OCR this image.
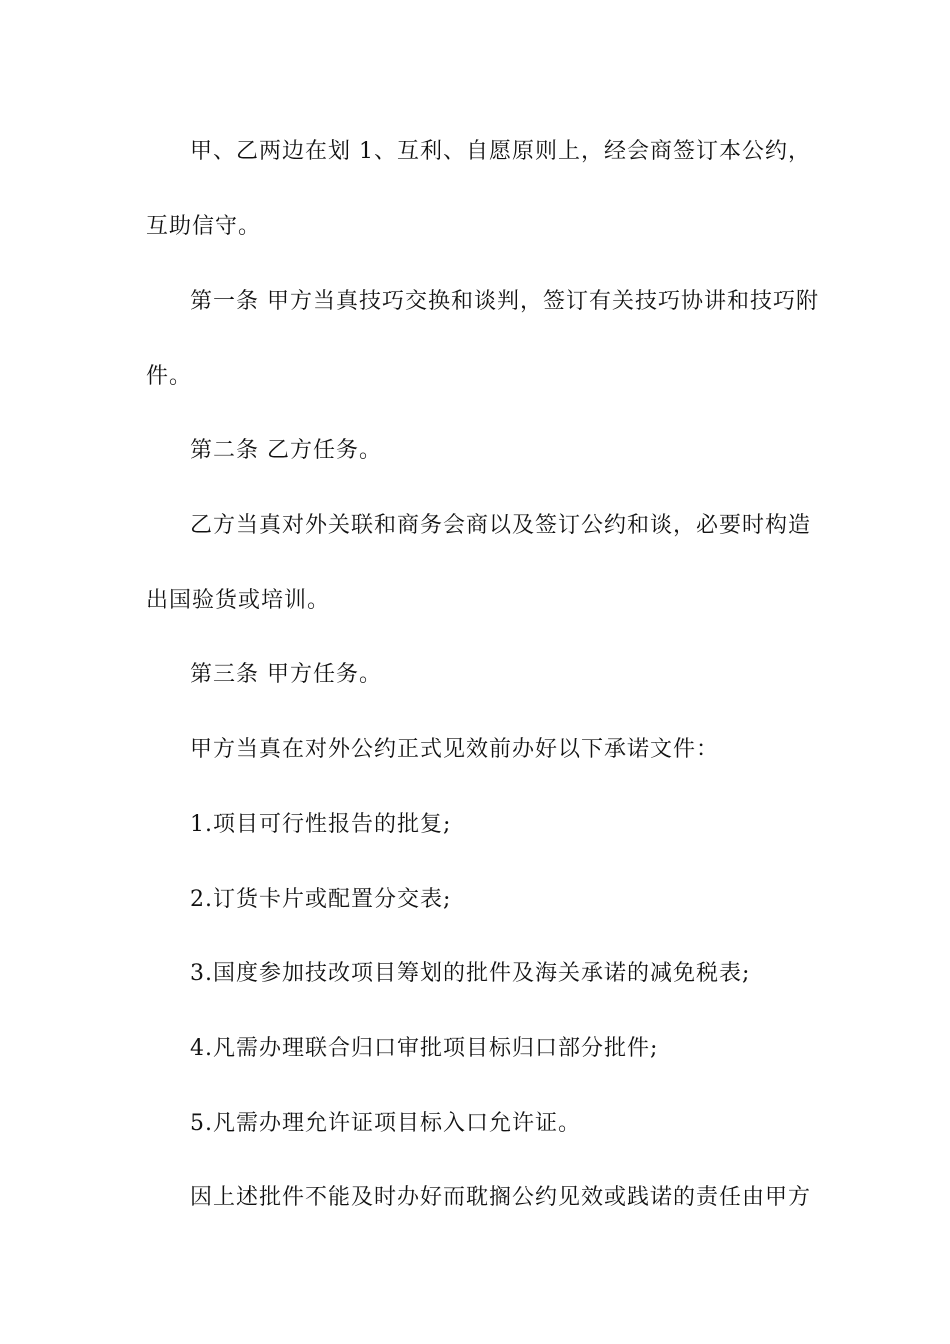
甲、乙两边在划 1、互利、自愿原则上，经会商签订本公约，
互助信守。
第一条 甲方当真技巧交换和谈判，签订有关技巧协讲和技巧附
件。
第二条 乙方任务。
乙方当真对外关联和商务会商以及签订公约和谈，必要时构造
出国验货或培训。
第三条 甲方任务。
甲方当真在对外公约正式见效前办好以下承诺文件：
1.项目可行性报告的批复;
2.订货卡片或配置分交表;
3.国度参加技改项目筹划的批件及海关承诺的减免税表;
4.凡需办理联合归口审批项目标归口部分批件;
5.凡需办理允许证项目标入口允许证。
因上述批件不能及时办好而耽搁公约见效或践诺的责任由甲方
